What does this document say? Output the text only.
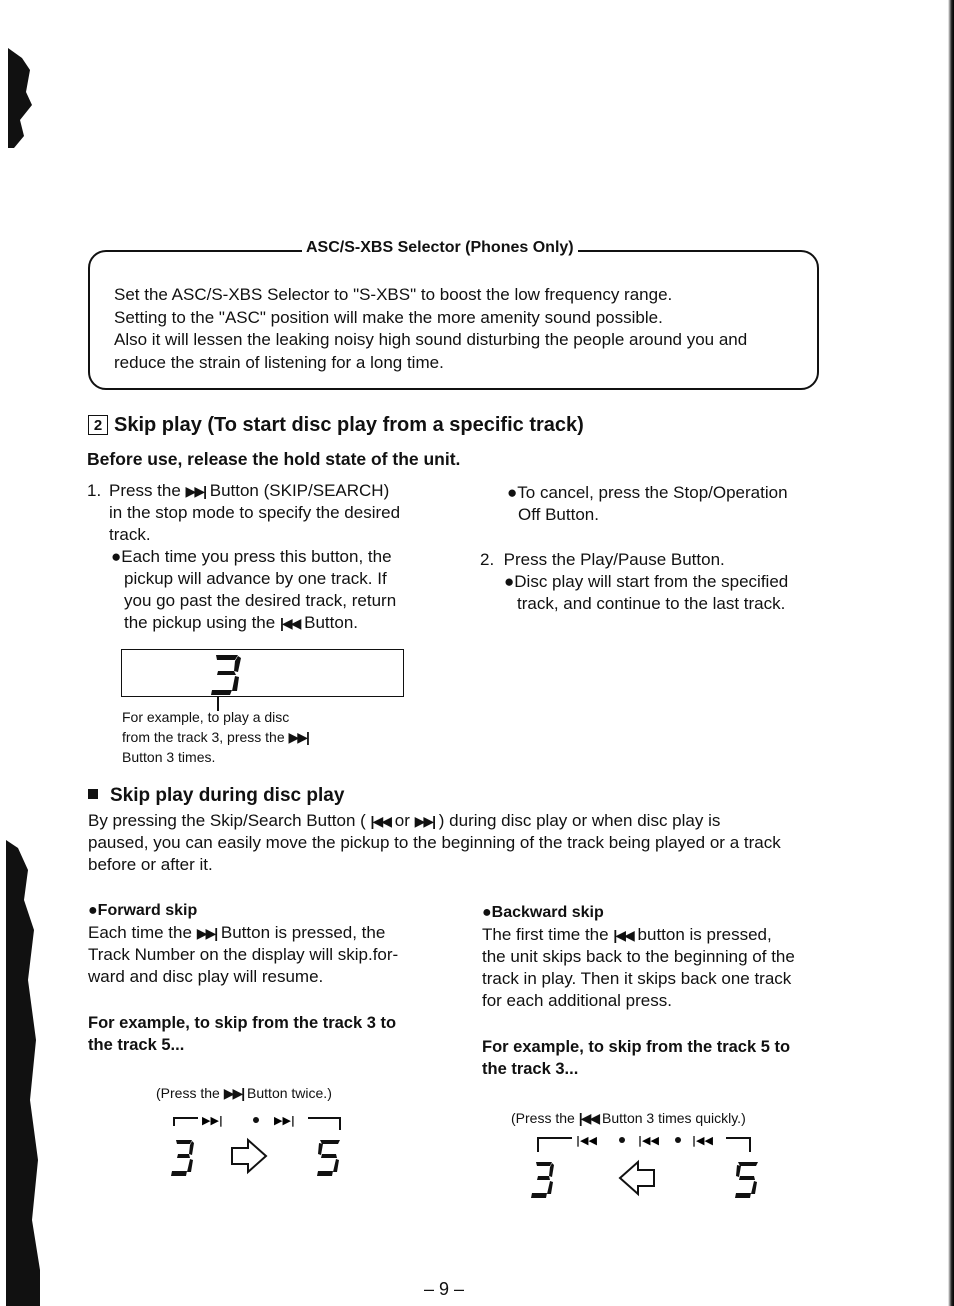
ASC/S-XBS Selector (Phones Only)
Set the ASC/S-XBS Selector to "S-XBS" to boost the low frequency range.
Setting to the "ASC" position will make the more amenity sound possible.
Also it will lessen the leaking noisy high sound disturbing the people around you and
reduce the strain of listening for a long time.
2 Skip play (To start disc play from a specific track)
Before use, release the hold state of the unit.
1. Press the ▶▶| Button (SKIP/SEARCH)
in the stop mode to specify the desired
track.
●Each time you press this button, the
pickup will advance by one track. If
you go past the desired track, return
the pickup using the |◀◀ Button.
●To cancel, press the Stop/Operation
Off Button.
2. Press the Play/Pause Button.
●Disc play will start from the specified
track, and continue to the last track.
For example, to play a disc
from the track 3, press the ▶▶|
Button 3 times.
Skip play during disc play
By pressing the Skip/Search Button ( |◀◀ or ▶▶| ) during disc play or when disc play is
paused, you can easily move the pickup to the beginning of the track being played or a track
before or after it.
●Forward skip
Each time the ▶▶| Button is pressed, the
Track Number on the display will skip.for-
ward and disc play will resume.
For example, to skip from the track 3 to
the track 5...
(Press the ▶▶| Button twice.)
▶▶|	▶▶|
●Backward skip
The first time the |◀◀ button is pressed,
the unit skips back to the beginning of the
track in play. Then it skips back one track
for each additional press.
For example, to skip from the track 5 to
the track 3...
(Press the |◀◀ Button 3 times quickly.)
|◀◀	|◀◀	|◀◀
– 9 –
